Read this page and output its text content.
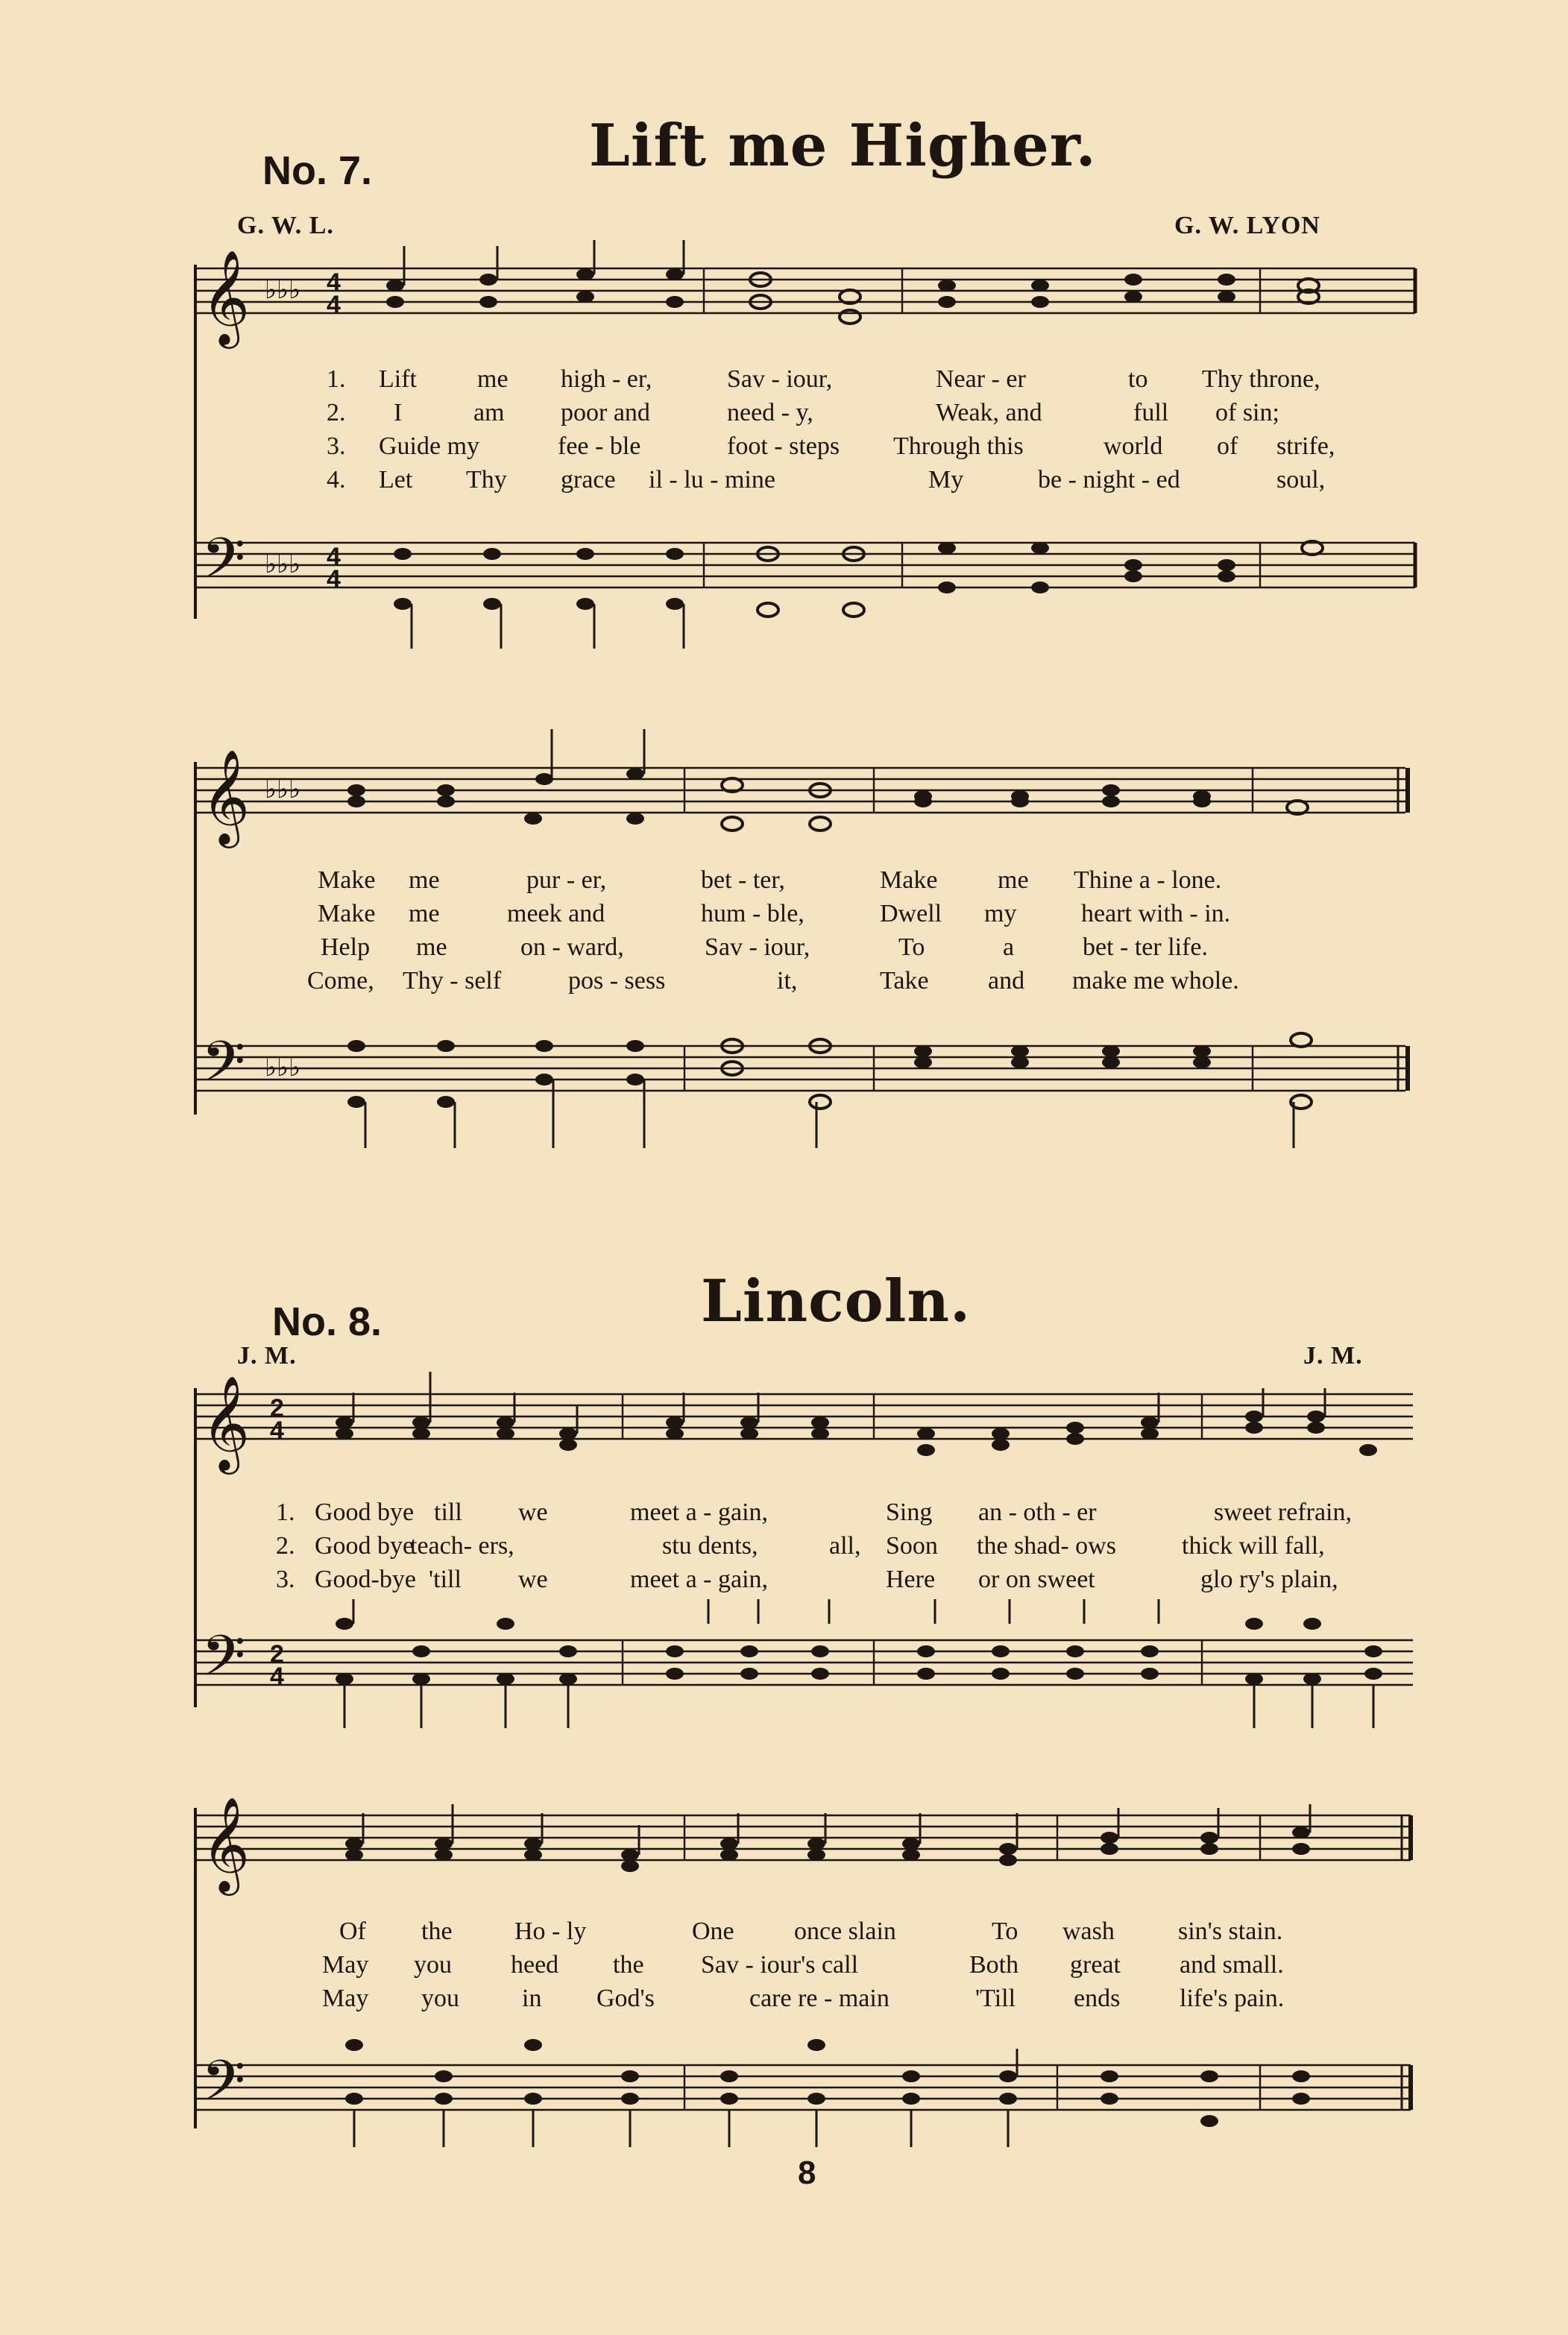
No. 7.	Lift me Higher.
G. W. L.	G. W. LYON
𝄞
𝄢
♭♭♭
♭♭♭
4
4
4
4
1. Lift me high - er,	Sav - iour,	Near - er	to Thy throne,
2. I	am poor and	need - y,	Weak, and	full of sin;
3. Guide my	fee - ble	foot - steps Through this	world of strife,
4. Let Thy grace il - lu - mine	My	be - night - ed	soul,
𝄞
𝄢
♭♭♭
♭♭♭
Make me	pur - er,	bet - ter,	Make me Thine a - lone.
Make me	meek and	hum - ble,	Dwell my	heart with - in.
Help me	on - ward,	Sav - iour,	To	a	bet - ter life.
Come, Thy - self	pos - sess	it,	Take and make me whole.
No. 8.	Lincoln.
J. M.	J. M.
𝄞
𝄢
2
4
2
4
1. Good bye till we	meet a - gain,	Sing an - oth - er	sweet refrain,
2. Good bye
teach- ers,	stu dents,	all, Soon the shad- ows	thick will fall,
3. Good-bye 'till we	meet a - gain,	Here or on sweet	glo ry's plain,
𝄞
𝄢
Of the Ho - ly	One once slain	To wash	sin's stain.
May you heed the Sav - iour's call	Both great and small.
May you in God's	care re - main	'Till ends life's pain.
8
